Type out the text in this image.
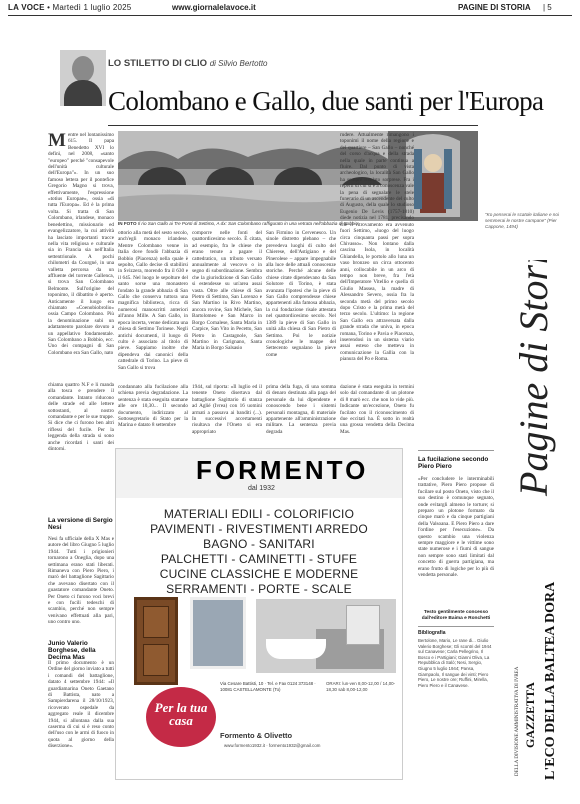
LA VOCE • Martedì 1 luglio 2025	www.giornalelavoce.it	PAGINE DI STORIA | 5
LO STILETTO DI CLIO di Silvio Bertotto
Colombano e Gallo, due santi per l'Europa
Mentre nel lontanissimo 615. Il papa Benedetto XVI lo definì, nel 2008, «santo "europeo" perché "consapevole dell'unità culturale dell'Europa"». In un suo famoso lettera per il pontefice Gregorio Magno si trova, effettivamente, l'espressione «totius Europae», ossia «di tutta l'Europa». Ed è la prima volta. Si tratta di San Colombano, irlandese, monaco benedettino, missionario ed evangelizzatore, la cui attività ha lasciato importanti tracce nella vita religiosa e culturale sia in Francia sia nell'Italia settentrionale. A pochi chilometri da Courgné, in una valletta percorsa da un affluente del torrente Gallenca, si trova San Colombano Belmonte. Sull'origine del toponimo, il dibattito è aperto. Anticamente il luogo era chiamato «Coenobiobrolio» ossia Campo Colombano. Più la denominazione subì un adattamento parolare dovuto a un appellativo fondamentale. San Colombano a Bobbio, ecc. Uno dei compagni di San Colombano era San Gallo, nato
chiama quattro N.F e li manda alla tosca e prendere il comandante. Intanto riducono delle strade ed alle lettere sottostanti, al nostro comandante e per le sue truppe. Si dice che ci furono ben altri riflessi del fucile. Per la leggenda della strada si sono anche ricordati i santi dei dintorni.
La versione di Sergio Nesi
Nesi fa ufficiale della X Mas e autore del libro Giugno 5 luglio 1944. Tutti i prigionieri tornarono a Oneglia, dopo una settimana erano stati liberati. Rimaneva con Piero Piero, i marò del battaglione Sagittario che avevano disertato con il guastatore comandante Oneto. Per Oneto ci furono voci brevi e con fucili tedeschi di scambio, perché non sempre venivano effettuati alla pari, uno contro uno.
Junio Valerio Borghese, della Decima Mas
Il primo documento è un Ordine del giorno inviato a tutti i comandi del battaglione, datato 4 settembre 1944: «Il guardiamarina Oneto Gaetano di Battista, nato a Sampierdarena il 28/10/1923, ricoverato ospedale da aggregato reale il dicembre 1944, si allontana dalla sua caserma di cui si è reso conto dell'uso con le armi di fuoco in quota al giorno della diserzione».
IN FOTO Il rio San Gallo ai Tre Ponti di Settimo, A dx: San Colombano raffigurato in una vetrata nell'abbazia di Bobbio
ottorio alla metà del sesto secolo, anch'egli monaco irlandese. Mentre Colombano venne in Italia dove fondò l'abbazia di Bobbio (Piacenza) nella quale è sepolto, Gallo decise di stabilirsi in Svizzera, morendo fra il 630 e il 645. Nel luogo le sepolture del santo sorse una monastero fondato la grande abbazia di San Gallo che conserva tuttora una magnifica biblioteca, ricca di numerosi manoscritti anteriori all'anno Mille. A San Gallo, in epoca incerta, venne dedicata una chiesa di Settimo Torinese. Negli antichi documenti, il luogo di culto è associato al titolo di pieve. Sappiamo inoltre che dipendeva dai canonici della cattedrale di Torino. La pieve di San Gallo si trova
comporre nelle fonti del quattordicesimo secolo. È citata, ad esempio, fra le chiese che erano tenute a pagare il cattedratico, un tributo versato annualmente al vescovo o in segno di subordinazione. Sembra che la giurisdizione di San Gallo si estendesse su un'area assai vasta. Oltre alle chiese di San Pietro di Settimo, San Lorenzo e San Martino in Rivo Martino, ancora rovine, San Michele, San Bartolomeo e San Marco in Borgo Cornalese, Santa Maria in Carpice, San Vito in Pecetto, San Pietro in Castagnole, San Martino in Carignano, Santa Maria in Borgo Salsasio
San Firmino in Cervenesco. Un sinole distretto plebano – che prevedeva luoghi di culto del Chierese, dell'Astigiano e del Pinerolese – appare impegnabile alla luce delle attuali conoscenze storiche. Perché alcune delle chiese citate dipendevano da San Solutore di Torino, è stata avanzata l'ipotesi che la pieve di San Gallo comprendesse chiese appartenenti alla famosa abbazia, la cui fondazione risale attestata nel quattordicesimo secolo. Nel 1389 la pieve di San Gallo in unità alla chiesa di San Pietro di Settimo. Poi le notizie cronologiche le mappe del Settecento segnalano la pieve come
rudere. Attualmente rimangono i toponimi il nome della regione e del quartiere – San Gallo – nonché del corso d'acqua e della strada nella quale in parte continua a fluire. Dal punto di vista archeologico, la località San Gallo ha sempre rivelato sorprese. Fra i reperti di cui si è a conoscenza vale la pena di segnalare le stele funerarie di un ascendente del culto di Augusto, della quale lo studioso Eugenio De Levis (1757-1810) diede notizia nel 1781, precisando che il ritrovamento era avvenuto fuori Settimo, «luogo del luogo circa cinquanta passi per sopra Chivasso». Non lontano dalla cascina Isola, in località Ghiandella, le portolo allo luna un vaso bronzeo un circa ottocento anni, collocabile in un arco di tempo non breve, fra l'età dell'Imperatore Vitellio e quella di Giulio Massea, la madre di Alessandro Severo, ossia fra la seconda metà del primo secolo dopo Cristo e la prima metà del terzo secolo. L'ultimo: la regione San Gallo era attraversata dalla grande strada che univa, in epoca romana, Torino e Pavia e Piacenza, inserendosi in un sistema viario assai esteso che metteva in comunicazione la Gallia con la pianura del Po e Roma.
condannato alla fucilazione alla schiena previa degradazione. La sentenza è stata eseguita stamane alle ore 10,30... Il secondo documento, indirizzato al Sottosegretario di Stato per la Marina e datato 8 settembre
1944, sul riporta: «Il luglio ed il tenente Oneto disertava dal battaglione Sagittario di stanza ad Aglié (Ivrea) con 16 uomini armati a passava ai banditi (...). In successivi accertamenti risultava che l'Oneto si era appropriato
prima della fuga, di una somma di denaro destinata alla paga del personale da lui dipendente e conoscendo bene i sistemi personali montagna, di materiale appartenente all'amministrazione militare. La sentenza previa degrada
dazione è stata eseguita in termini solo dal comandante di un plotone di 8 marò ecc. che non lo vide più. Indicante un'eccezione, Oneto fu fucilato con il riconoscimento di due eccitati ha. È sotto in realtà una grossa vendetta della Decima Mas.
"Ko penserai le scatole italiane e noi semmerai le nostre campane" (Pier Cappone, 1494)
Pagine di Storia
La fucilazione secondo Piero Piero
«Per concludere le interminabili trattative, Piero Piero propose di fucilare sul posto Oneto, visto che il suo destino è comunque segnato, onde evitargli almeno le torture; si preparo un plotone formato da cinque marò e da cinque partigiani della Valsoana. E Piero Piero a dare l'ordine per l'esecuzione». Da questo scambio una violenza sempre maggiore e le vittime sono state numerose e i fiumi di sangue non sempre sono stati limitati dal concetto di guerra partigiana, ma erano frutto di logiche per lo più di vendetta personale.
Testo gentilmente concesso dall'editore Baima e Ronchetti
Bibliografia
Bertolone, Mario, Le rane di... Giulio Valerio Borghese; Gli scontri del 1944 sul Canavese; Carla Pellegrino, Il Bosco e i Partigiani; Gianni Oliva, La Repubblica di Salò; Nesi, Sergio, Giugno 5 luglio 1944; Pansa, Giampaolo, Il sangue dei vinti; Piero Piero, Le nostre ore; Ruffini, Mirella, Piero Piero e il Canavese.	L'ECO DELLA BALTEA DORA
GAZZETTA
DELLA DIVISIONE AMMINISTRATIVA DI IVREA
FORMENTO
dal 1932
MATERIALI EDILI - COLORIFICIO
PAVIMENTI - RIVESTIMENTI ARREDO
BAGNO - SANITARI
PALCHETTI - CAMINETTI - STUFE
CUCINE CLASSICHE E MODERNE
SERRAMENTI - PORTE - SCALE
Per la tua casa
Via Cesare Battisti, 10 · Tel. e Fax 0124 373148 · 10081 CASTELLAMONTE (To)
Formento & Olivetto
www.formento1932.it · formento1932@gmail.com
ORARI: lun-ven 8,00-12,00 / 14,00-18,30 sab 8,00-12,00
